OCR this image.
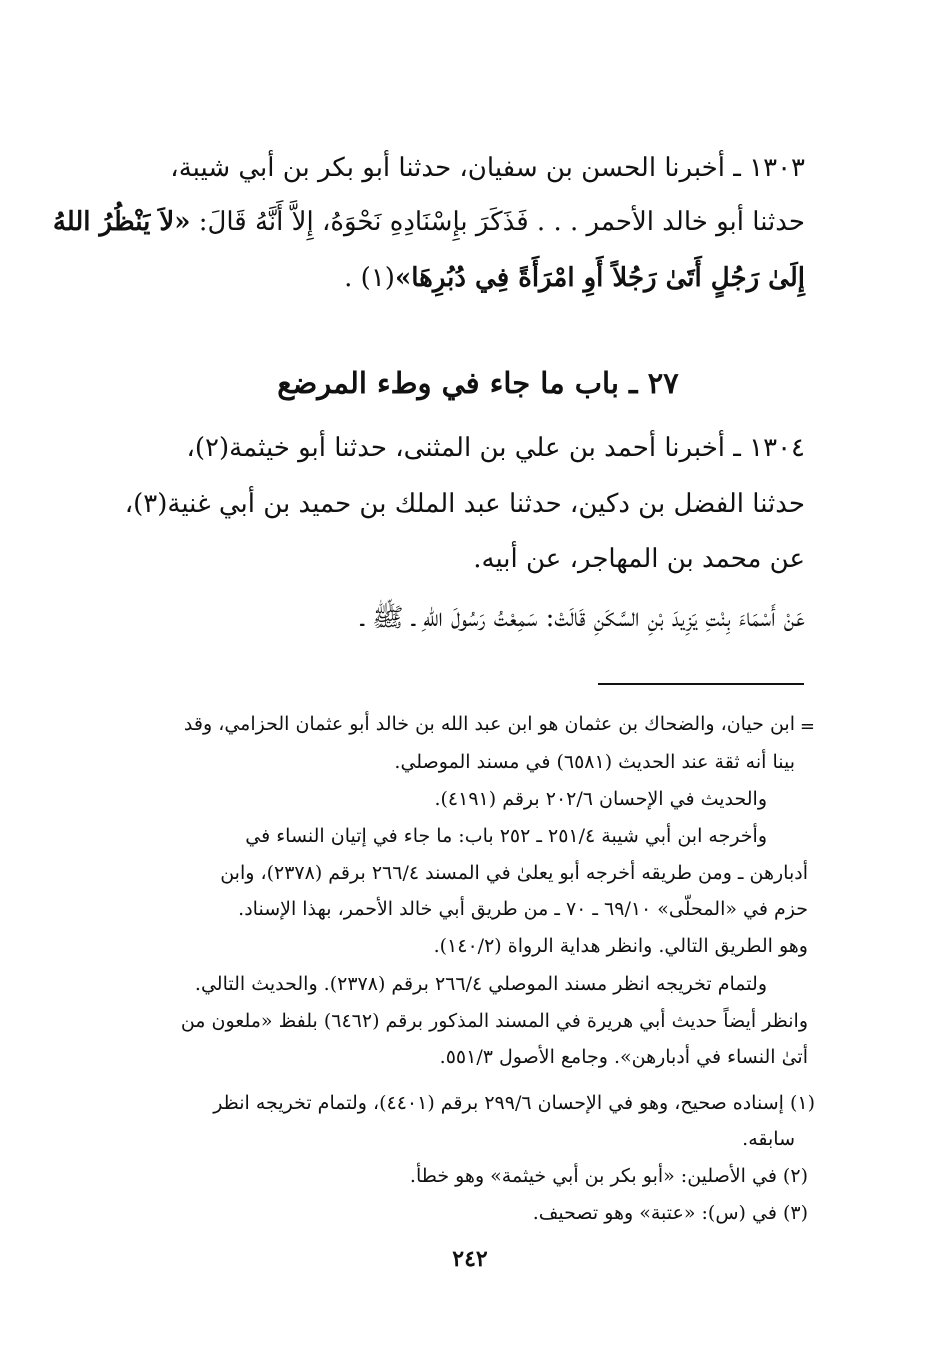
١٣٠٣ ـ أخبرنا الحسن بن سفيان، حدثنا أبو بكر بن أبي شيبة،
حدثنا أبو خالد الأحمر . . . فَذَكَرَ بإِسْنَادِهِ نَحْوَهُ، إِلاَّ أَنَّهُ قَالَ: «لاَ يَنْظُرُ اللهُ
إِلَىٰ رَجُلٍ أَتَىٰ رَجُلاً أَوِ امْرَأَةً فِي دُبُرِهَا»(١) .
٢٧ ـ باب ما جاء في وطء المرضع
١٣٠٤ ـ أخبرنا أحمد بن علي بن المثنى، حدثنا أبو خيثمة(٢)،
حدثنا الفضل بن دكين، حدثنا عبد الملك بن حميد بن أبي غنية(٣)،
عن محمد بن المهاجر، عن أبيه.
عَنْ أَسْمَاءَ بِنْتِ يَزِيدَ بْنِ السَّكَنِ قَالَتْ: سَمِعْتُ رَسُولَ اللهِ ـ ﷺ ـ
=
ابن حيان، والضحاك بن عثمان هو ابن عبد الله بن خالد أبو عثمان الحزامي، وقد
بينا أنه ثقة عند الحديث (٦٥٨١) في مسند الموصلي.
والحديث في الإحسان ٢٠٢/٦ برقم (٤١٩١).
وأخرجه ابن أبي شيبة ٢٥١/٤ ـ ٢٥٢ باب: ما جاء في إتيان النساء في
أدبارهن ـ ومن طريقه أخرجه أبو يعلىٰ في المسند ٢٦٦/٤ برقم (٢٣٧٨)، وابن
حزم في «المحلّى» ٦٩/١٠ ـ ٧٠ ـ من طريق أبي خالد الأحمر، بهذا الإسناد.
وهو الطريق التالي. وانظر هداية الرواة (١٤٠/٢).
ولتمام تخريجه انظر مسند الموصلي ٢٦٦/٤ برقم (٢٣٧٨). والحديث التالي.
وانظر أيضاً حديث أبي هريرة في المسند المذكور برقم (٦٤٦٢) بلفظ «ملعون من
أتىٰ النساء في أدبارهن». وجامع الأصول ٥٥١/٣.
(١) إسناده صحيح، وهو في الإحسان ٢٩٩/٦ برقم (٤٤٠١)، ولتمام تخريجه انظر
سابقه.
(٢) في الأصلين: «أبو بكر بن أبي خيثمة» وهو خطأ.
(٣) في (س): «عتبة» وهو تصحيف.
٢٤٢
